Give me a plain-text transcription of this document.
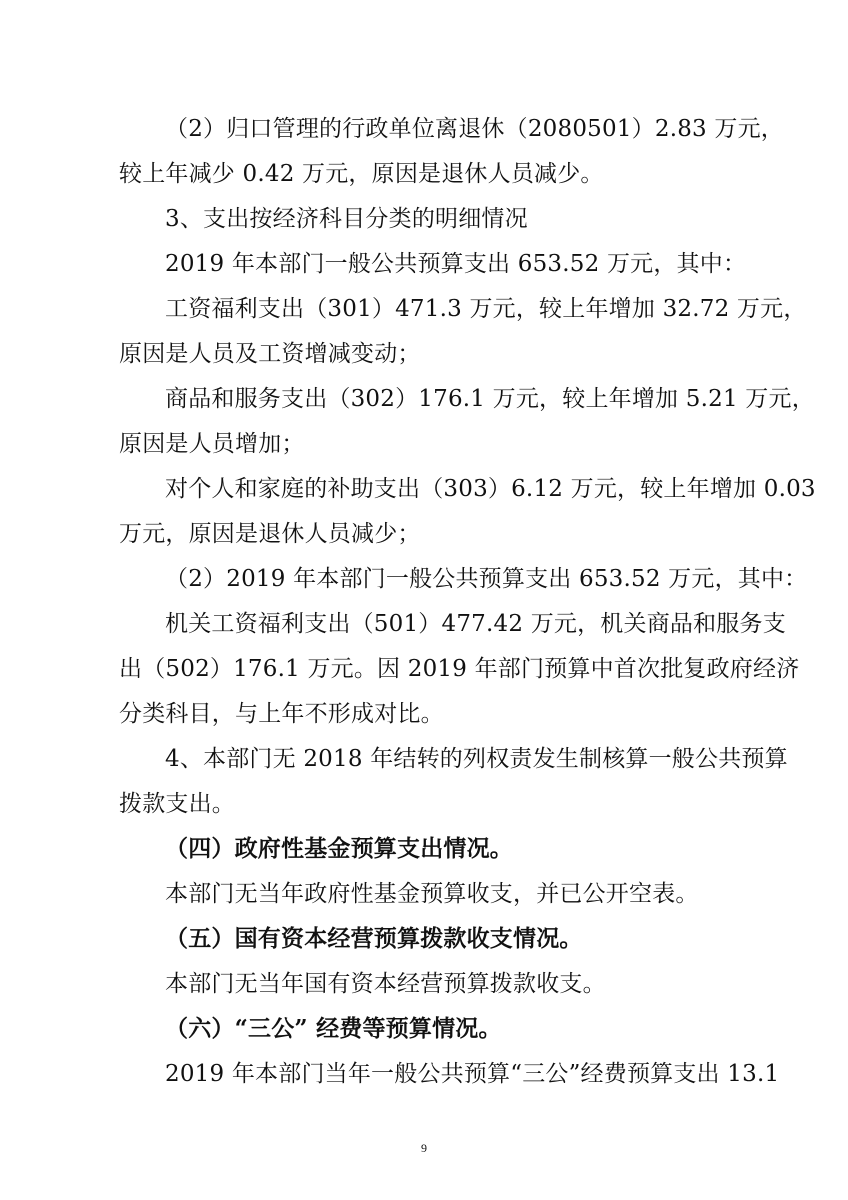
（2）归口管理的行政单位离退休（2080501）2.83 万元，
较上年减少 0.42 万元，原因是退休人员减少。
3、支出按经济科目分类的明细情况
2019 年本部门一般公共预算支出 653.52 万元，其中：
工资福利支出（301）471.3 万元，较上年增加 32.72 万元，
原因是人员及工资增减变动；
商品和服务支出（302）176.1 万元，较上年增加 5.21 万元，
原因是人员增加；
对个人和家庭的补助支出（303）6.12 万元，较上年增加 0.03
万元，原因是退休人员减少；
（2）2019 年本部门一般公共预算支出 653.52 万元，其中：
机关工资福利支出（501）477.42 万元，机关商品和服务支
出（502）176.1 万元。因 2019 年部门预算中首次批复政府经济
分类科目，与上年不形成对比。
4、本部门无 2018 年结转的列权责发生制核算一般公共预算
拨款支出。
（四）政府性基金预算支出情况。
本部门无当年政府性基金预算收支，并已公开空表。
（五）国有资本经营预算拨款收支情况。
本部门无当年国有资本经营预算拨款收支。
（六）“三公” 经费等预算情况。
2019 年本部门当年一般公共预算“三公”经费预算支出 13.1
9
